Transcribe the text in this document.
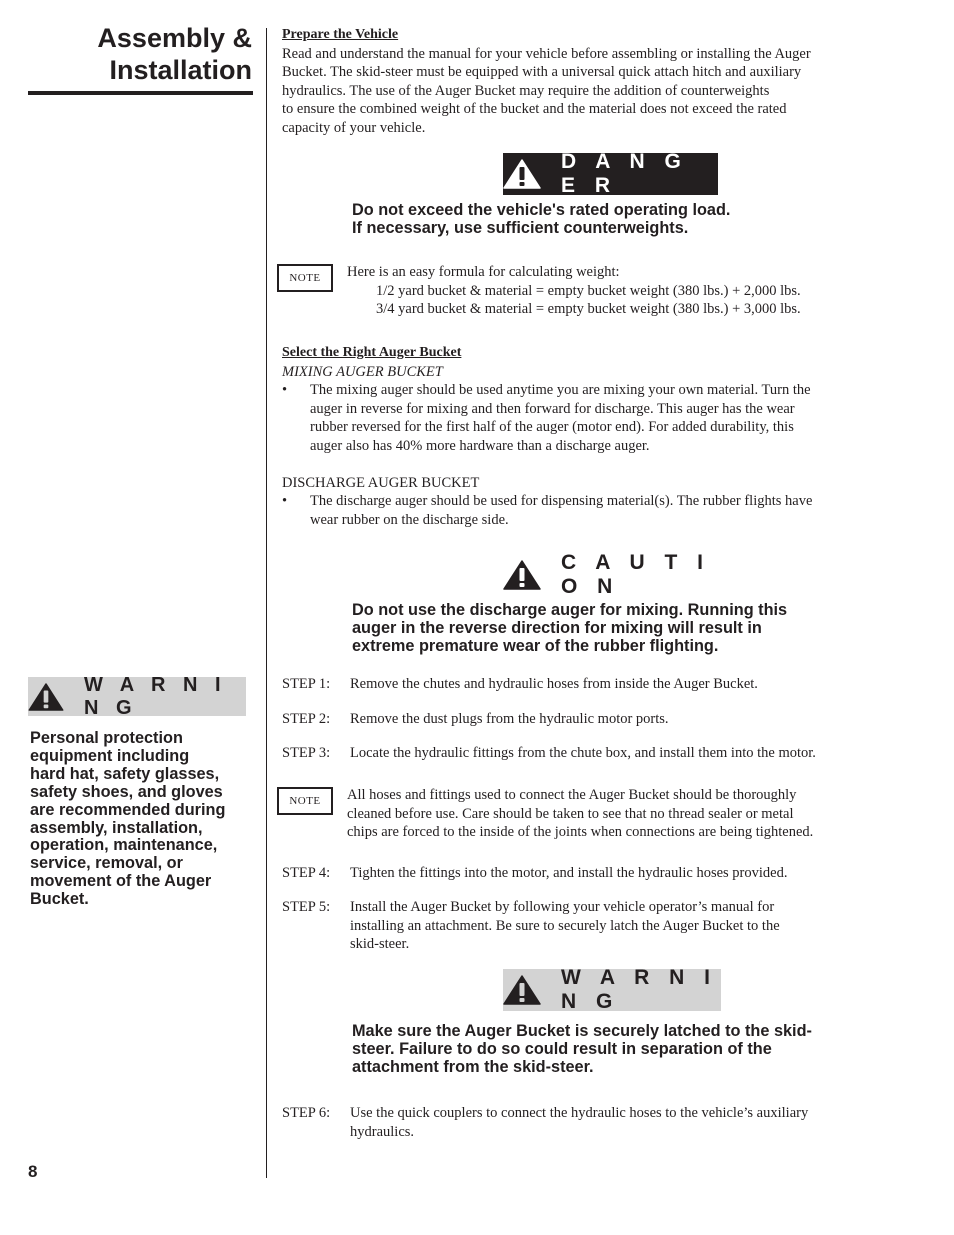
Assembly &
Installation
Prepare the Vehicle
Read and understand the manual for your vehicle before assembling or installing the Auger
Bucket. The skid-steer must be equipped with a universal quick attach hitch and auxiliary
hydraulics. The use of the Auger Bucket may require the addition of counterweights
to ensure the combined weight of the bucket and the material does not exceed the rated
capacity of your vehicle.
D A N G E R
Do not exceed the vehicle's rated operating load.
If necessary, use sufficient counterweights.
NOTE Here is an easy formula for calculating weight:
1/2 yard bucket & material = empty bucket weight (380 lbs.) + 2,000 lbs.
3/4 yard bucket & material = empty bucket weight (380 lbs.) + 3,000 lbs.
Select the Right Auger Bucket
MIXING AUGER BUCKET
•	The mixing auger should be used anytime you are mixing your own material. Turn the
auger in reverse for mixing and then forward for discharge. This auger has the wear
rubber reversed for the first half of the auger (motor end). For added durability, this
auger also has 40% more hardware than a discharge auger.
DISCHARGE AUGER BUCKET
•	The discharge auger should be used for dispensing material(s). The rubber flights have
wear rubber on the discharge side.
C A U T I O N
Do not use the discharge auger for mixing. Running this
auger in the reverse direction for mixing will result in
extreme premature wear of the rubber flighting.
STEP 1:	Remove the chutes and hydraulic hoses from inside the Auger Bucket.
STEP 2:	Remove the dust plugs from the hydraulic motor ports.
STEP 3:	Locate the hydraulic fittings from the chute box, and install them into the motor.
NOTE All hoses and fittings used to connect the Auger Bucket should be thoroughly
cleaned before use. Care should be taken to see that no thread sealer or metal
chips are forced to the inside of the joints when connections are being tightened.
STEP 4:	Tighten the fittings into the motor, and install the hydraulic hoses provided.
STEP 5:	Install the Auger Bucket by following your vehicle operator’s manual for
installing an attachment. Be sure to securely latch the Auger Bucket to the
skid-steer.
W A R N I N G
Make sure the Auger Bucket is securely latched to the skid-
steer. Failure to do so could result in separation of the
attachment from the skid-steer.
STEP 6:	Use the quick couplers to connect the hydraulic hoses to the vehicle’s auxiliary
hydraulics.
W A R N I N G
Personal protection
equipment including
hard hat, safety glasses,
safety shoes, and gloves
are recommended during
assembly, installation,
operation, maintenance,
service, removal, or
movement of the Auger
Bucket.
8
